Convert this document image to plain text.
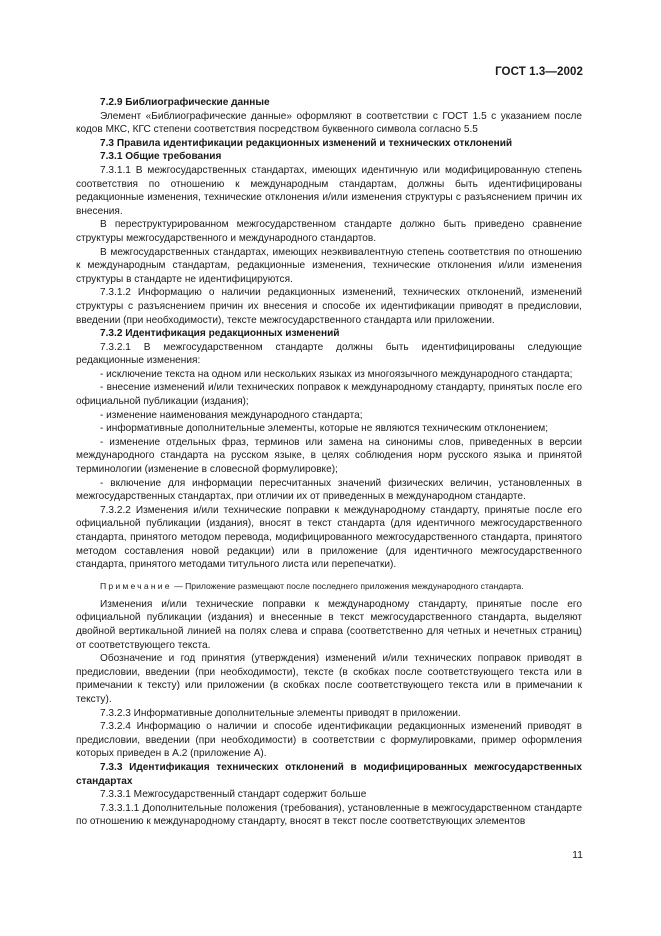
ГОСТ 1.3—2002

7.2.9 Библиографические данные

Элемент «Библиографические данные» оформляют в соответствии с ГОСТ 1.5 с указанием после кодов МКС, КГС степени соответствия посредством буквенного символа согласно 5.5

7.3 Правила идентификации редакционных изменений и технических отклонений

7.3.1 Общие требования

7.3.1.1 В межгосударственных стандартах, имеющих идентичную или модифицированную степень соответствия по отношению к международным стандартам, должны быть идентифицированы редакционные изменения, технические отклонения и/или изменения структуры с разъяснением причин их внесения.

В переструктурированном межгосударственном стандарте должно быть приведено сравнение структуры межгосударственного и международного стандартов.

В межгосударственных стандартах, имеющих неэквивалентную степень соответствия по отношению к международным стандартам, редакционные изменения, технические отклонения и/или изменения структуры в стандарте не идентифицируются.

7.3.1.2 Информацию о наличии редакционных изменений, технических отклонений, изменений структуры с разъяснением причин их внесения и способе их идентификации приводят в предисловии, введении (при необходимости), тексте межгосударственного стандарта или приложении.

7.3.2 Идентификация редакционных изменений

7.3.2.1 В межгосударственном стандарте должны быть идентифицированы следующие редакционные изменения:

- исключение текста на одном или нескольких языках из многоязычного международного стандарта;

- внесение изменений и/или технических поправок к международному стандарту, принятых после его официальной публикации (издания);

- изменение наименования международного стандарта;

- информативные дополнительные элементы, которые не являются техническим отклонением;

- изменение отдельных фраз, терминов или замена на синонимы слов, приведенных в версии международного стандарта на русском языке, в целях соблюдения норм русского языка и принятой терминологии (изменение в словесной формулировке);

- включение для информации пересчитанных значений физических величин, установленных в межгосударственных стандартах, при отличии их от приведенных в международном стандарте.

7.3.2.2 Изменения и/или технические поправки к международному стандарту, принятые после его официальной публикации (издания), вносят в текст стандарта (для идентичного межгосударственного стандарта, принятого методом перевода, модифицированного межгосударственного стандарта, принятого методом составления новой редакции) или в приложение (для идентичного межгосударственного стандарта, принятого методами титульного листа или перепечатки).

Примечание — Приложение размещают после последнего приложения международного стандарта.

Изменения и/или технические поправки к международному стандарту, принятые после его официальной публикации (издания) и внесенные в текст межгосударственного стандарта, выделяют двойной вертикальной линией на полях слева и справа (соответственно для четных и нечетных страниц) от соответствующего текста.

Обозначение и год принятия (утверждения) изменений и/или технических поправок приводят в предисловии, введении (при необходимости), тексте (в скобках после соответствующего текста или в примечании к тексту) или приложении (в скобках после соответствующего текста или в примечании к тексту).

7.3.2.3 Информативные дополнительные элементы приводят в приложении.

7.3.2.4 Информацию о наличии и способе идентификации редакционных изменений приводят в предисловии, введении (при необходимости) в соответствии с формулировками, пример оформления которых приведен в А.2 (приложение А).

7.3.3 Идентификация технических отклонений в модифицированных межгосударственных стандартах

7.3.3.1 Межгосударственный стандарт содержит больше

7.3.3.1.1 Дополнительные положения (требования), установленные в межгосударственном стандарте по отношению к международному стандарту, вносят в текст после соответствующих элементов

11
